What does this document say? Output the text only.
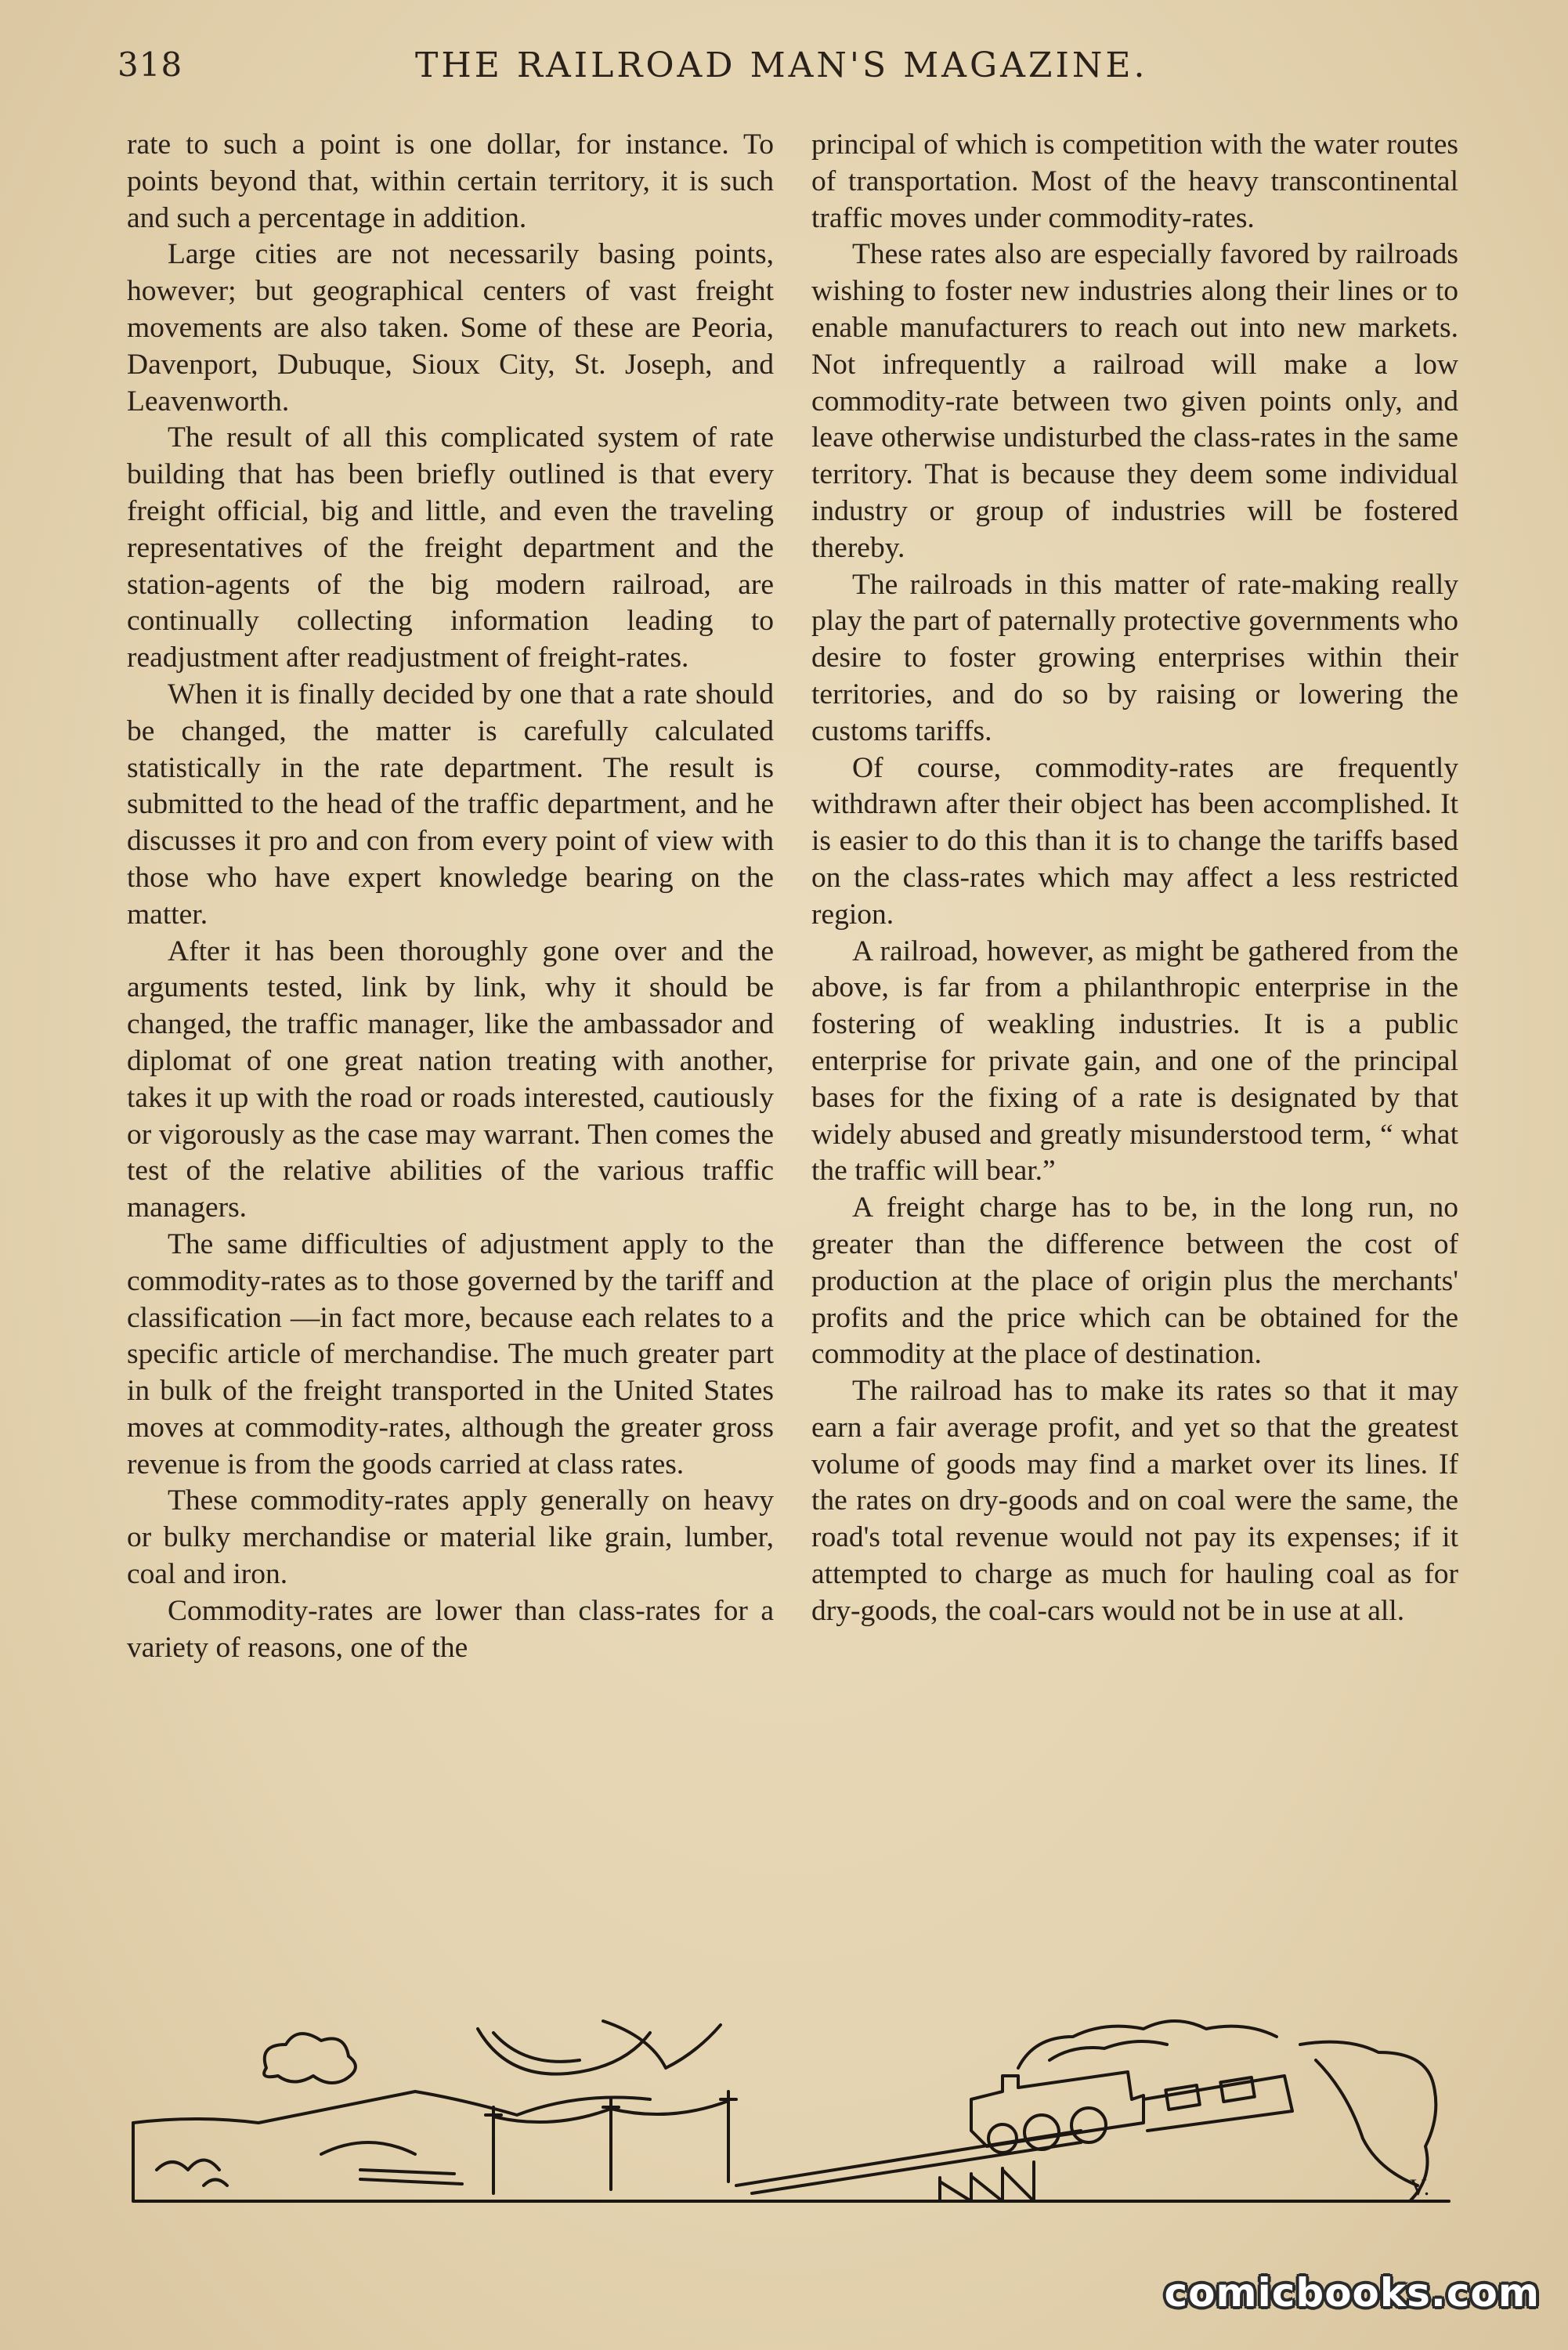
318	THE RAILROAD MAN'S MAGAZINE.

rate to such a point is one dollar, for instance. To points beyond that, within certain territory, it is such and such a percentage in addition.

Large cities are not necessarily basing points, however; but geographical centers of vast freight movements are also taken. Some of these are Peoria, Davenport, Dubuque, Sioux City, St. Joseph, and Leavenworth.

The result of all this complicated system of rate building that has been briefly outlined is that every freight official, big and little, and even the traveling representatives of the freight department and the station-agents of the big modern railroad, are continually collecting information leading to readjustment after readjustment of freight-rates.

When it is finally decided by one that a rate should be changed, the matter is carefully calculated statistically in the rate department. The result is submitted to the head of the traffic department, and he discusses it pro and con from every point of view with those who have expert knowledge bearing on the matter.

After it has been thoroughly gone over and the arguments tested, link by link, why it should be changed, the traffic manager, like the ambassador and diplomat of one great nation treating with another, takes it up with the road or roads interested, cautiously or vigorously as the case may warrant. Then comes the test of the relative abilities of the various traffic managers.

The same difficulties of adjustment apply to the commodity-rates as to those governed by the tariff and classification —in fact more, because each relates to a specific article of merchandise. The much greater part in bulk of the freight transported in the United States moves at commodity-rates, although the greater gross revenue is from the goods carried at class rates.

These commodity-rates apply generally on heavy or bulky merchandise or material like grain, lumber, coal and iron.

Commodity-rates are lower than class-rates for a variety of reasons, one of the

principal of which is competition with the water routes of transportation. Most of the heavy transcontinental traffic moves under commodity-rates.

These rates also are especially favored by railroads wishing to foster new industries along their lines or to enable manufacturers to reach out into new markets. Not infrequently a railroad will make a low commodity-rate between two given points only, and leave otherwise undisturbed the class-rates in the same territory. That is because they deem some individual industry or group of industries will be fostered thereby.

The railroads in this matter of rate-making really play the part of paternally protective governments who desire to foster growing enterprises within their territories, and do so by raising or lowering the customs tariffs.

Of course, commodity-rates are frequently withdrawn after their object has been accomplished. It is easier to do this than it is to change the tariffs based on the class-rates which may affect a less restricted region.

A railroad, however, as might be gathered from the above, is far from a philanthropic enterprise in the fostering of weakling industries. It is a public enterprise for private gain, and one of the principal bases for the fixing of a rate is designated by that widely abused and greatly misunderstood term, “ what the traffic will bear.”

A freight charge has to be, in the long run, no greater than the difference between the cost of production at the place of origin plus the merchants' profits and the price which can be obtained for the commodity at the place of destination.

The railroad has to make its rates so that it may earn a fair average profit, and yet so that the greatest volume of goods may find a market over its lines. If the rates on dry-goods and on coal were the same, the road's total revenue would not pay its expenses; if it attempted to charge as much for hauling coal as for dry-goods, the coal-cars would not be in use at all.

V.
comicbooks.com
